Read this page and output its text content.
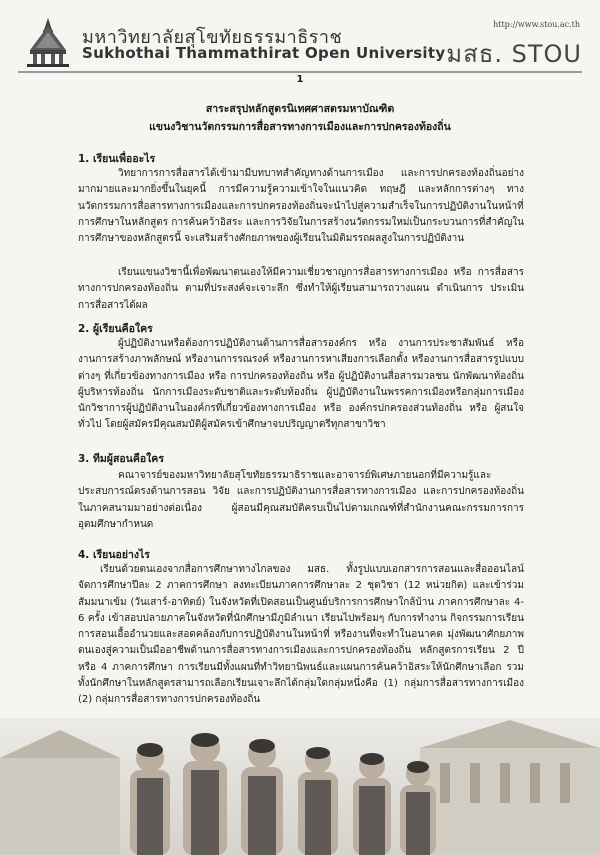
มหาวิทยาลัยสุโขทัยธรรมาธิราช
Sukhothai Thammathirat Open University
http://www.stou.ac.th
มสธ. STOU
1
สาระสรุปหลักสูตรนิเทศศาสตรมหาบัณฑิต
แขนงวิชานวัตกรรมการสื่อสารทางการเมืองและการปกครองท้องถิ่น
1. เรียนเพื่ออะไร

วิทยาการการสื่อสารได้เข้ามามีบทบาทสำคัญทางด้านการเมือง และการปกครองท้องถิ่นอย่างมากมายและมากยิ่งขึ้นในยุคนี้ การมีความรู้ความเข้าใจในแนวคิด ทฤษฎี และหลักการต่างๆ ทางนวัตกรรมการสื่อสารทางการเมืองและการปกครองท้องถิ่นจะนำไปสู่ความสำเร็จในการปฏิบัติงานในหน้าที่ การศึกษาในหลักสูตร การค้นคว้าอิสระ และการวิจัยในการสร้างนวัตกรรมใหม่เป็นกระบวนการที่สำคัญในการศึกษาของหลักสูตรนี้ จะเสริมสร้างศักยภาพของผู้เรียนในมิติมรรถผลสูงในการปฏิบัติงาน

เรียนแขนงวิชานี้เพื่อพัฒนาตนเองให้มีความเชี่ยวชาญการสื่อสารทางการเมือง หรือ การสื่อสารทางการปกครองท้องถิ่น ตามที่ประสงค์จะเจาะลึก ซึ่งทำให้ผู้เรียนสามารถวางแผน ดำเนินการ ประเมินการสื่อสารได้ผล

2. ผู้เรียนคือใคร

ผู้ปฏิบัติงานหรือต้องการปฏิบัติงานด้านการสื่อสารองค์กร หรือ งานการประชาสัมพันธ์ หรือ งานการสร้างภาพลักษณ์ หรืองานการรณรงค์ หรืองานการหาเสียงการเลือกตั้ง หรืองานการสื่อสารรูปแบบต่างๆ ที่เกี่ยวข้องทางการเมือง หรือ การปกครองท้องถิ่น หรือ ผู้ปฏิบัติงานสื่อสารมวลชน นักพัฒนาท้องถิ่น ผู้บริหารท้องถิ่น นักการเมืองระดับชาติและระดับท้องถิ่น ผู้ปฏิบัติงานในพรรคการเมืองหรือกลุ่มการเมือง นักวิชาการผู้ปฏิบัติงานในองค์กรที่เกี่ยวข้องทางการเมือง หรือ องค์กรปกครองส่วนท้องถิ่น หรือ ผู้สนใจทั่วไป โดยผู้สมัครมีคุณสมบัติผู้สมัครเข้าศึกษาจบปริญญาตรีทุกสาขาวิชา

3. ทีมผู้สอนคือใคร

คณาจารย์ของมหาวิทยาลัยสุโขทัยธรรมาธิราชและอาจารย์พิเศษภายนอกที่มีความรู้และประสบการณ์ตรงด้านการสอน วิจัย และการปฏิบัติงานการสื่อสารทางการเมือง และการปกครองท้องถิ่นในภาคสนามมาอย่างต่อเนื่อง ผู้สอนมีคุณสมบัติครบเป็นไปตามเกณฑ์ที่สำนักงานคณะกรรมการการอุดมศึกษากำหนด

4. เรียนอย่างไร

เรียนด้วยตนเองจากสื่อการศึกษาทางไกลของ มสธ. ทั้งรูปแบบเอกสารการสอนและสื่อออนไลน์ จัดการศึกษาปีละ 2 ภาคการศึกษา ลงทะเบียนภาคการศึกษาละ 2 ชุดวิชา (12 หน่วยกิต) และเข้าร่วมสัมมนาเข้ม (วันเสาร์-อาทิตย์) ในจังหวัดที่เปิดสอนเป็นศูนย์บริการการศึกษาใกล้บ้าน ภาคการศึกษาละ 4-6 ครั้ง เข้าสอบปลายภาคในจังหวัดที่นักศึกษามีภูมิลำเนา เรียนไปพร้อมๆ กับการทำงาน กิจกรรมการเรียนการสอนเอื้ออำนวยและสอดคล้องกับการปฏิบัติงานในหน้าที่ หรืองานที่จะทำในอนาคต มุ่งพัฒนาศักยภาพตนเองสู่ความเป็นมืออาชีพด้านการสื่อสารทางการเมืองและการปกครองท้องถิ่น หลักสูตรการเรียน 2 ปี หรือ 4 ภาคการศึกษา การเรียนมีทั้งแผนที่ทำวิทยานิพนธ์และแผนการค้นคว้าอิสระให้นักศึกษาเลือก รวมทั้งนักศึกษาในหลักสูตรสามารถเลือกเรียนเจาะลึกได้กลุ่มใดกลุ่มหนึ่งคือ (1) กลุ่มการสื่อสารทางการเมือง (2) กลุ่มการสื่อสารทางการปกครองท้องถิ่น
